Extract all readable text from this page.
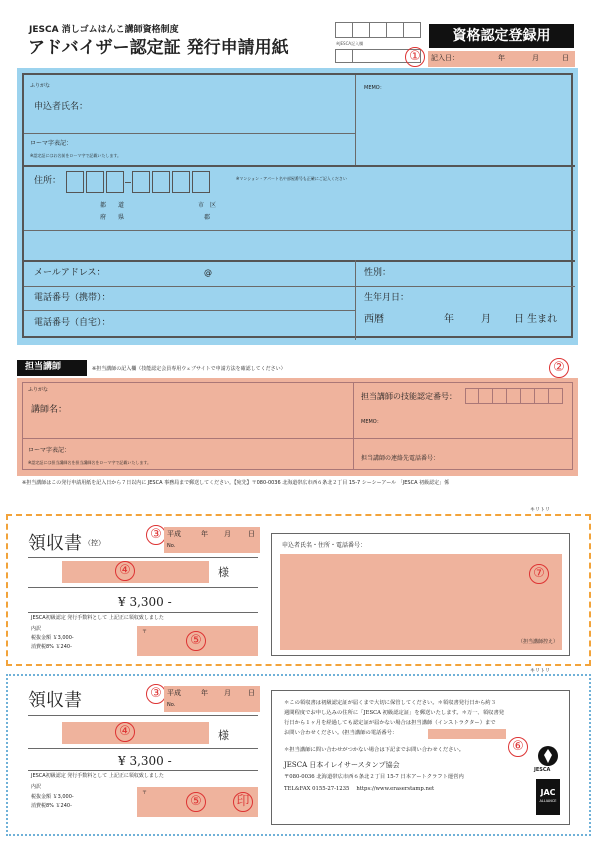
JESCA 消しゴムはんこ講師資格制度
アドバイザー認定証 発行申請用紙	※JESCA記入欄	資格認定登録用
①	記入日：	年	月	日
ふりがな
申込者氏名：
MEMO：
ローマ字表記：
※認定証にはお名前をローマ字で記載いたします。
住所：	※マンション・アパート名や部屋番号も正確にご記入ください
都 道
府 県
市 区
郡
メールアドレス：	@	性別：
電話番号（携帯）：	生年月日：
電話番号（自宅）：	西暦	年	月 日 生まれ
担当講師	※担当講師の記入欄（技能認定会員専用ウェブサイトで申請方法を確認してください）	②
ふりがな
講師名：
担当講師の技能認定番号：
MEMO：
ローマ字表記：
※認定証には担当講師名を担当講師名をローマ字で記載いたします。
担当講師の連絡先電話番号：
※担当講師はこの発行申請用紙を記入日から７日以内に JESCA 事務局まで郵送してください。【宛先】〒080-0036 北海道帯広市西６条北２丁目 15-7 シーシーアール 「JESCA 初級認定」係
キリトリ
領収書 （控）
③ 平成	年 月 日
No.
④	様
¥ 3,300 -
JESCA初級認定 発行手数料として 上記正に領収致しました
内訳
税抜金額 ￥3,000-
消費税8% ￥240-
〒
⑤
申込者氏名・住所・電話番号：
（担当講師控え）
⑦
キリトリ
領収書	③ 平成	年 月 日
No.
④	様
¥ 3,300 -
JESCA初級認定 発行手数料として 上記正に領収致しました
内訳
税抜金額 ￥3,000-
消費税8% ￥240-
〒
⑤	印
＊この領収書は初級認定証が届くまで大切に保管してください。＊領収書発行日から約３
週間程度でお申し込みの住所に「JESCA 初級認定証」を郵送いたします。＊万一、領収書発
行日から１ヶ月を経過しても認定証が届かない場合は担当講師（インストラクター）まで
お問い合わせください。(担当講師の電話番号：
＊担当講師に問い合わせがつかない場合は下記までお問い合わせください。
JESCA 日本イレイサースタンプ協会
〒080-0036 北海道帯広市西６条北２丁目 15-7 日本アートクラフト運営内
TEL&FAX 0155-27-1235　 https://www.eraserstamp.net
JESCA
JAC
ALLIANCE
⑥
